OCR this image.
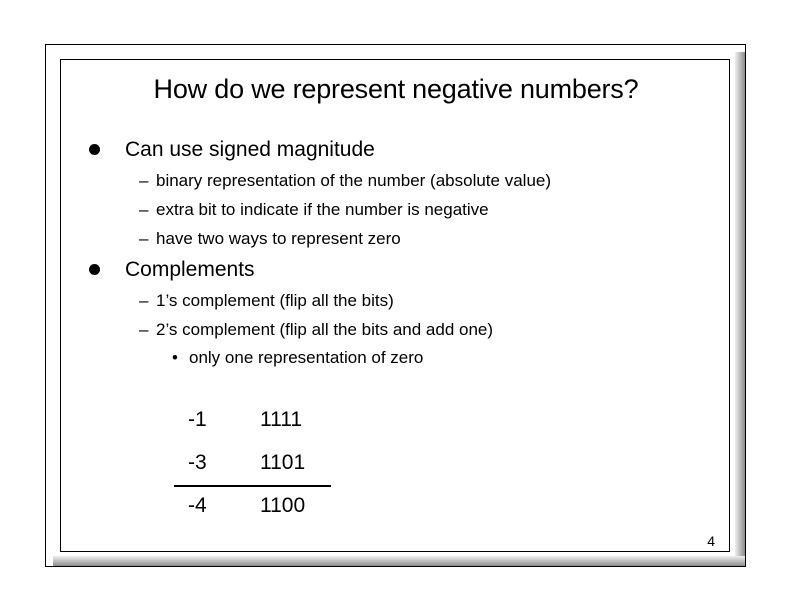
How do we represent negative numbers?
Can use signed magnitude
– binary representation of the number (absolute value)
– extra bit to indicate if the number is negative
– have two ways to represent zero
Complements
– 1’s complement (flip all the bits)
– 2’s complement (flip all the bits and add one)
• only one representation of zero
-1	1111
-3	1101
-4	1100
4
